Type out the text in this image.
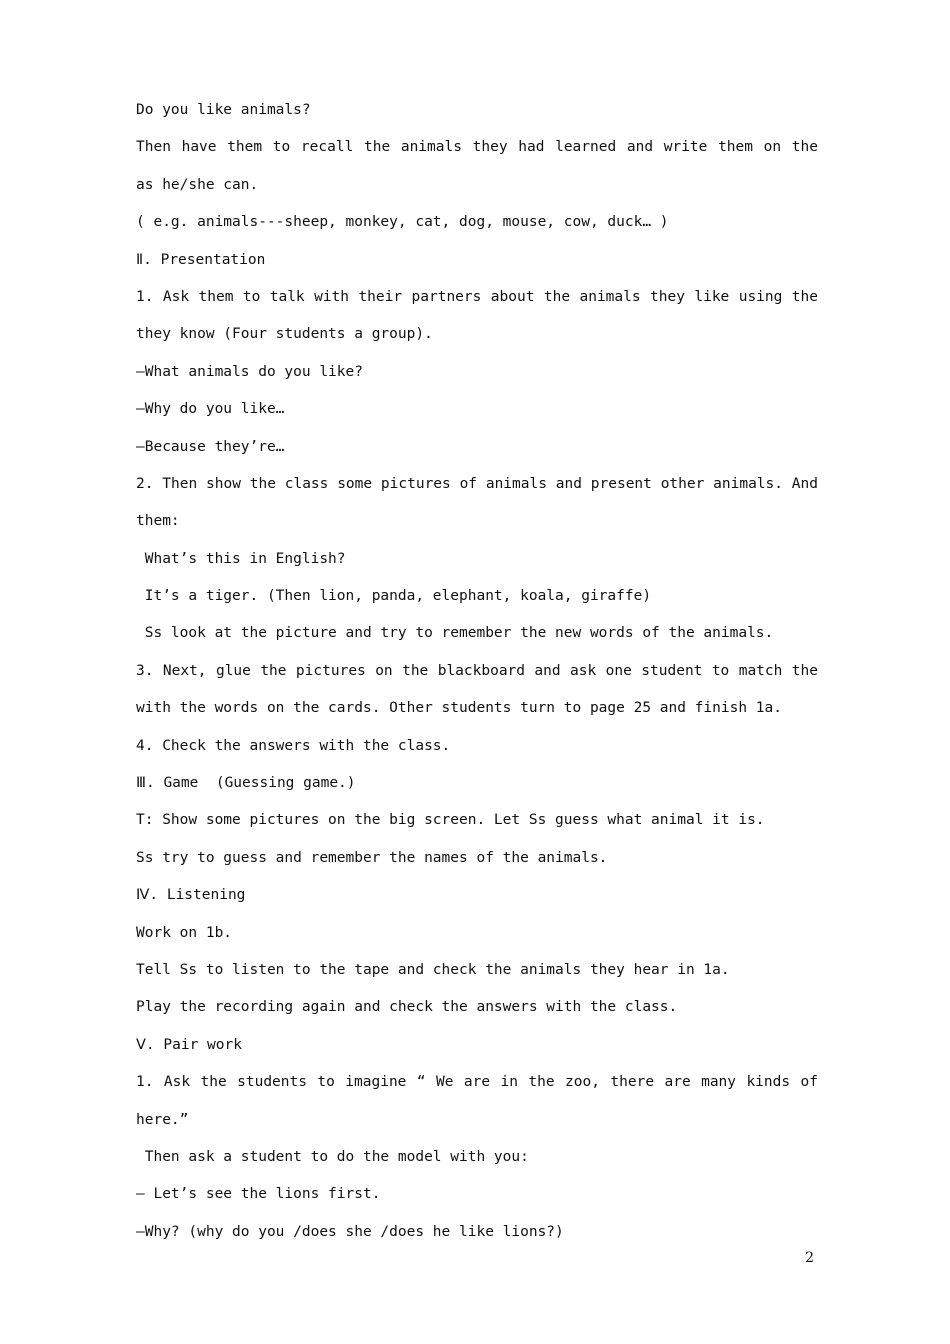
Do you like animals?
Then have them to recall the animals they had learned and write them on the
as he/she can.
( e.g. animals---sheep, monkey, cat, dog, mouse, cow, duck… )
Ⅱ. Presentation
1. Ask them to talk with their partners about the animals they like using the
they know (Four students a group).
—What animals do you like?
—Why do you like…
—Because they’re…
2. Then show the class some pictures of animals and present other animals. And
them:
What’s this in English?
It’s a tiger. (Then lion, panda, elephant, koala, giraffe)
Ss look at the picture and try to remember the new words of the animals.
3. Next, glue the pictures on the blackboard and ask one student to match the
with the words on the cards. Other students turn to page 25 and finish 1a.
4. Check the answers with the class.
Ⅲ. Game  (Guessing game.)
T: Show some pictures on the big screen. Let Ss guess what animal it is.
Ss try to guess and remember the names of the animals.
Ⅳ. Listening
Work on 1b.
Tell Ss to listen to the tape and check the animals they hear in 1a.
Play the recording again and check the answers with the class.
Ⅴ. Pair work
1. Ask the students to imagine “ We are in the zoo, there are many kinds of
here.”
Then ask a student to do the model with you:
— Let’s see the lions first.
—Why? (why do you /does she /does he like lions?)
2
